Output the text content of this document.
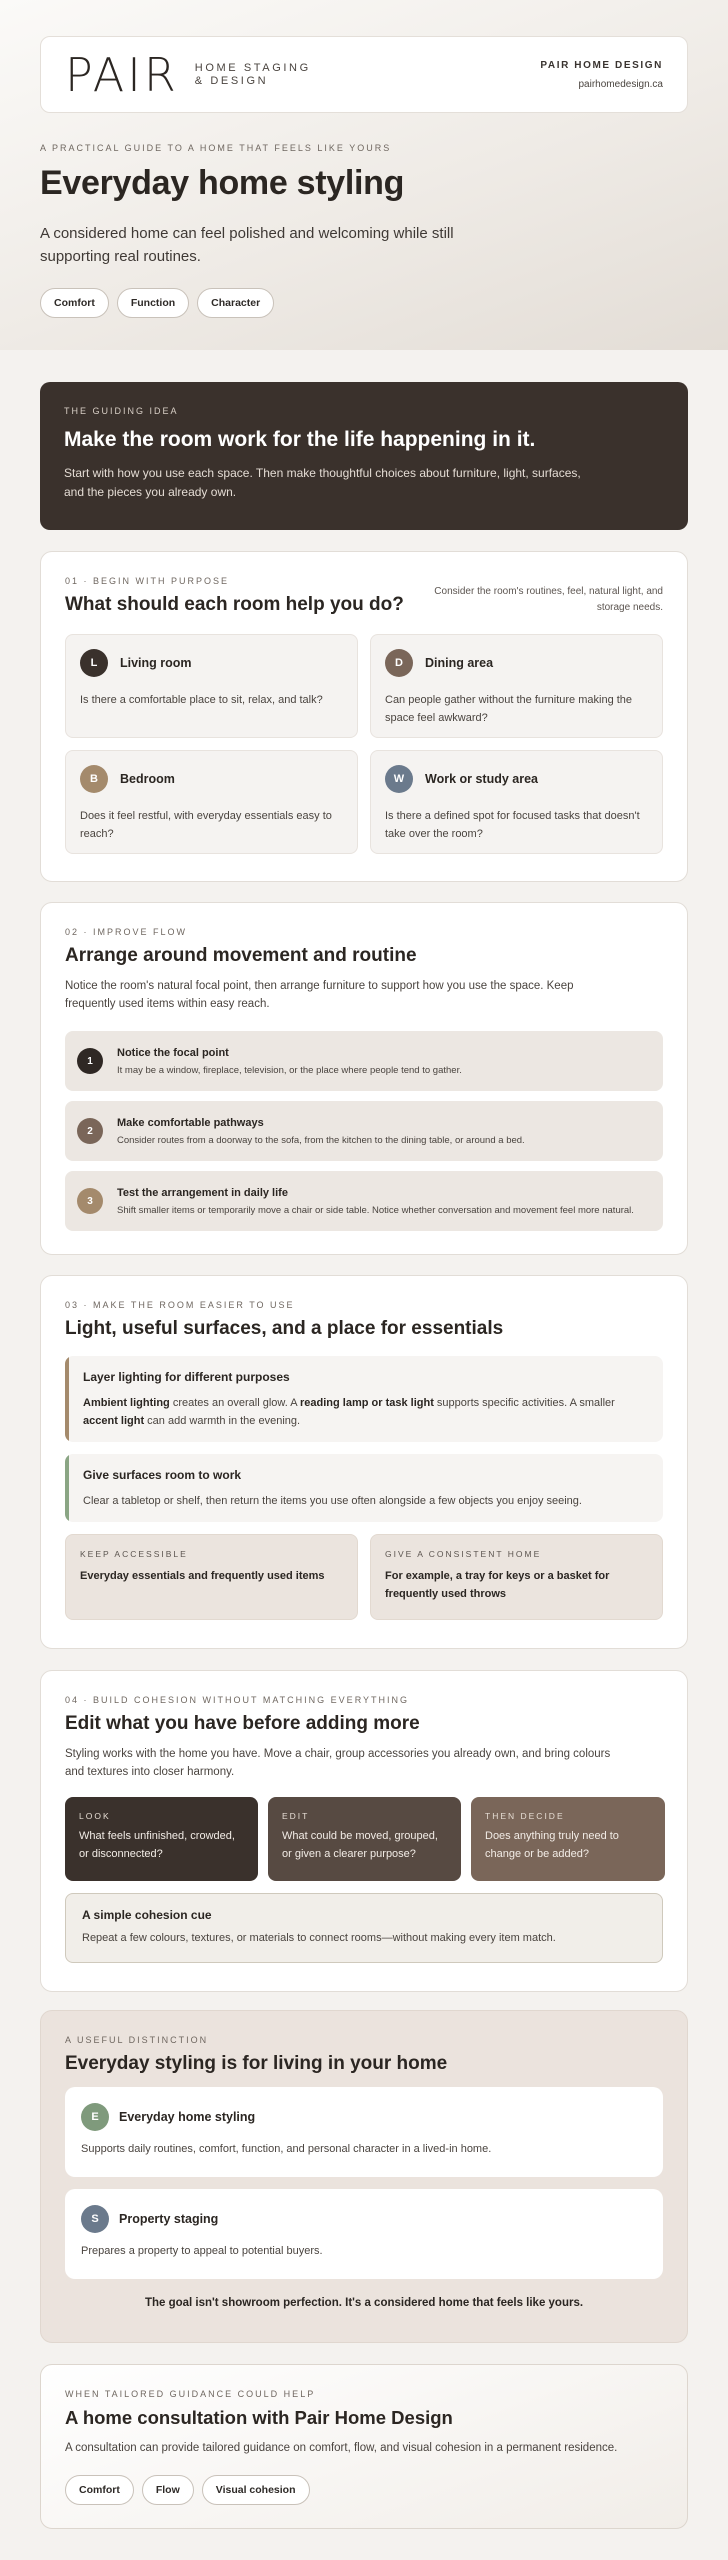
PAIR HOME STAGING
& DESIGN
PAIR HOME DESIGN
pairhomedesign.ca
A PRACTICAL GUIDE TO A HOME THAT FEELS LIKE YOURS
Everyday home styling

A considered home can feel polished and welcoming while still supporting real routines.

Comfort	Function	Character
THE GUIDING IDEA
Make the room work for the life happening in it.
Start with how you use each space. Then make thoughtful choices about furniture, light, surfaces, and the pieces you already own.
01 · BEGIN WITH PURPOSE
What should each room help you do?
Consider the room's routines, feel, natural light, and storage needs.
L	Living room
Is there a comfortable place to sit, relax, and talk?
D	Dining area
Can people gather without the furniture making the space feel awkward?
B	Bedroom
Does it feel restful, with everyday essentials easy to reach?
W	Work or study area
Is there a defined spot for focused tasks that doesn't take over the room?
02 · IMPROVE FLOW
Arrange around movement and routine
Notice the room's natural focal point, then arrange furniture to support how you use the space. Keep frequently used items within easy reach.
1
Notice the focal point
It may be a window, fireplace, television, or the place where people tend to gather.
2
Make comfortable pathways
Consider routes from a doorway to the sofa, from the kitchen to the dining table, or around a bed.
3
Test the arrangement in daily life
Shift smaller items or temporarily move a chair or side table. Notice whether conversation and movement feel more natural.
03 · MAKE THE ROOM EASIER TO USE
Light, useful surfaces, and a place for essentials
Layer lighting for different purposes
Ambient lighting creates an overall glow. A reading lamp or task light supports specific activities. A smaller accent light can add warmth in the evening.
Give surfaces room to work
Clear a tabletop or shelf, then return the items you use often alongside a few objects you enjoy seeing.
KEEP ACCESSIBLE
Everyday essentials and frequently used items
GIVE A CONSISTENT HOME
For example, a tray for keys or a basket for frequently used throws
04 · BUILD COHESION WITHOUT MATCHING EVERYTHING
Edit what you have before adding more
Styling works with the home you have. Move a chair, group accessories you already own, and bring colours and textures into closer harmony.
LOOK
What feels unfinished, crowded, or disconnected?
EDIT
What could be moved, grouped, or given a clearer purpose?
THEN DECIDE
Does anything truly need to change or be added?
A simple cohesion cue
Repeat a few colours, textures, or materials to connect rooms—without making every item match.
A USEFUL DISTINCTION
Everyday styling is for living in your home
E	Everyday home styling
Supports daily routines, comfort, function, and personal character in a lived-in home.
S	Property staging
Prepares a property to appeal to potential buyers.
The goal isn't showroom perfection. It's a considered home that feels like yours.
WHEN TAILORED GUIDANCE COULD HELP
A home consultation with Pair Home Design
A consultation can provide tailored guidance on comfort, flow, and visual cohesion in a permanent residence.
Comfort	Flow	Visual cohesion
